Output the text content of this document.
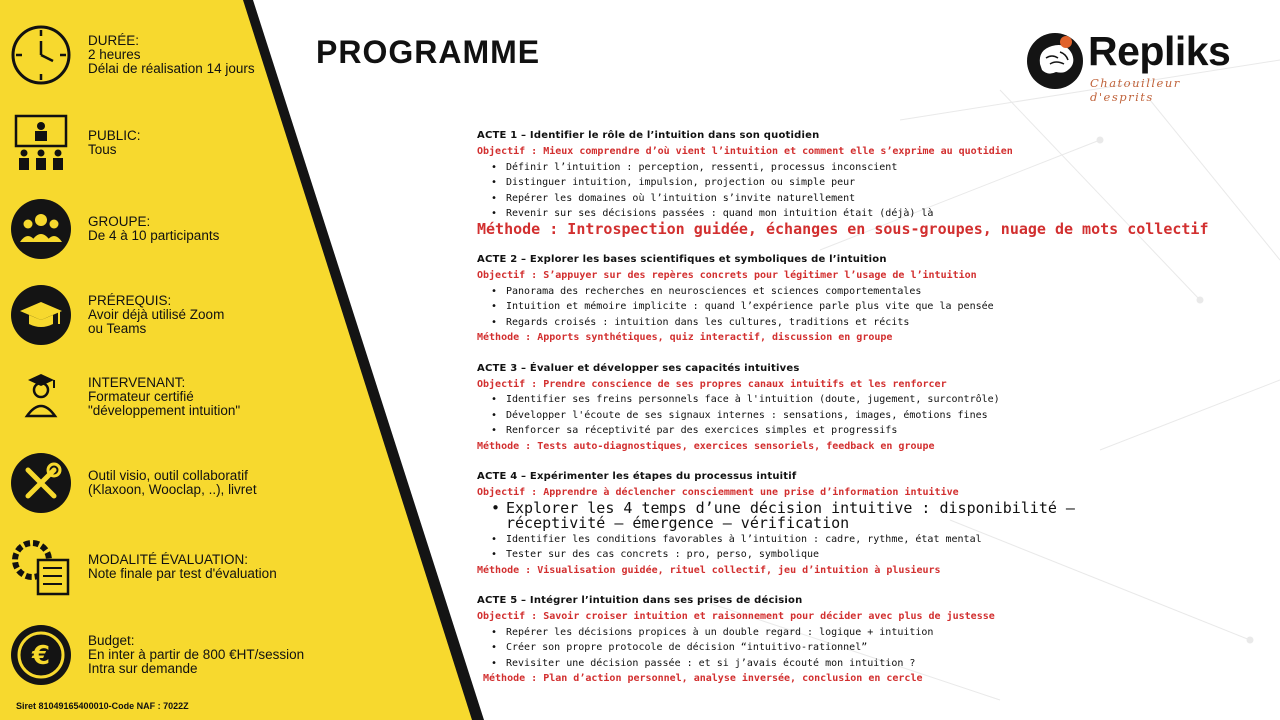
DURÉE:
2 heures
Délai de réalisation 14 jours
PUBLIC:
Tous
GROUPE:
De 4 à 10 participants
PRÉREQUIS:
Avoir déjà utilisé Zoom
ou Teams
INTERVENANT:
Formateur certifié
"développement intuition"
Outil visio, outil collaboratif
(Klaxoon, Wooclap, ..), livret
MODALITÉ ÉVALUATION:
Note finale par test d'évaluation
€
Budget:
En inter à partir de 800 €HT/session
Intra sur demande
Siret 81049165400010-Code NAF : 7022Z
PROGRAMME	Repliks
Chatouilleur d'esprits
ACTE 1 – Identifier le rôle de l’intuition dans son quotidien
Objectif : Mieux comprendre d’où vient l’intuition et comment elle s’exprime au quotidien
• Définir l’intuition : perception, ressenti, processus inconscient
• Distinguer intuition, impulsion, projection ou simple peur
• Repérer les domaines où l’intuition s’invite naturellement
• Revenir sur ses décisions passées : quand mon intuition était (déjà) là
Méthode : Introspection guidée, échanges en sous-groupes, nuage de mots collectif
ACTE 2 – Explorer les bases scientifiques et symboliques de l’intuition
Objectif : S’appuyer sur des repères concrets pour légitimer l’usage de l’intuition
• Panorama des recherches en neurosciences et sciences comportementales
• Intuition et mémoire implicite : quand l’expérience parle plus vite que la pensée
• Regards croisés : intuition dans les cultures, traditions et récits
Méthode : Apports synthétiques, quiz interactif, discussion en groupe
ACTE 3 – Évaluer et développer ses capacités intuitives
Objectif : Prendre conscience de ses propres canaux intuitifs et les renforcer
• Identifier ses freins personnels face à l'intuition (doute, jugement, surcontrôle)
• Développer l'écoute de ses signaux internes : sensations, images, émotions fines
• Renforcer sa réceptivité par des exercices simples et progressifs
Méthode : Tests auto-diagnostiques, exercices sensoriels, feedback en groupe
ACTE 4 – Expérimenter les étapes du processus intuitif
Objectif : Apprendre à déclencher consciemment une prise d’information intuitive
• Explorer les 4 temps d’une décision intuitive : disponibilité – réceptivité – émergence – vérification
• Identifier les conditions favorables à l’intuition : cadre, rythme, état mental
• Tester sur des cas concrets : pro, perso, symbolique
Méthode : Visualisation guidée, rituel collectif, jeu d’intuition à plusieurs
ACTE 5 – Intégrer l’intuition dans ses prises de décision
Objectif : Savoir croiser intuition et raisonnement pour décider avec plus de justesse
• Repérer les décisions propices à un double regard : logique + intuition
• Créer son propre protocole de décision “intuitivo-rationnel”
• Revisiter une décision passée : et si j’avais écouté mon intuition ?
Méthode : Plan d’action personnel, analyse inversée, conclusion en cercle
